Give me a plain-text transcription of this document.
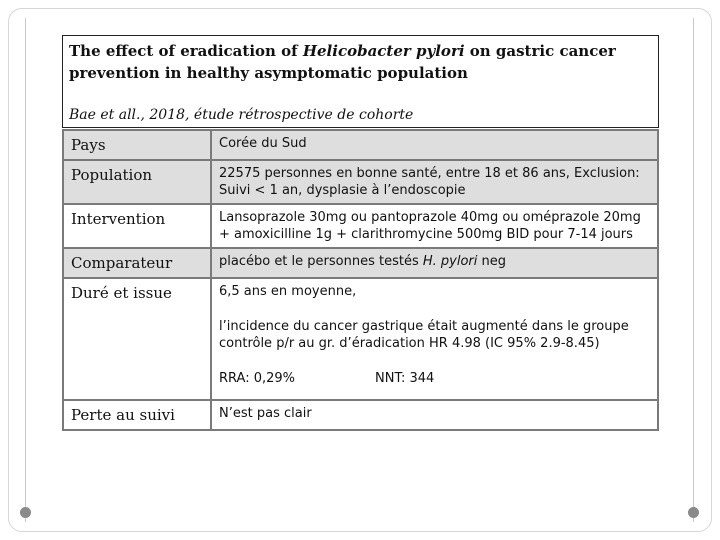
The effect of eradication of Helicobacter pylori on gastric cancer prevention in healthy asymptomatic population

Bae et all., 2018, étude rétrospective de cohorte
Pays	Corée du Sud
Population	22575 personnes en bonne santé, entre 18 et 86 ans, Exclusion: Suivi < 1 an, dysplasie à l’endoscopie
Intervention	Lansoprazole 30mg ou pantoprazole 40mg ou oméprazole 20mg + amoxicilline 1g + clarithromycine 500mg BID pour 7-14 jours
Comparateur	placébo et le personnes testés H. pylori neg
Duré et issue	6,5 ans en moyenne,

l’incidence du cancer gastrique était augmenté dans le groupe contrôle p/r au gr. d’éradication HR 4.98 (IC 95% 2.9-8.45)

RRA: 0,29% NNT: 344

Perte au suivi	N’est pas clair
